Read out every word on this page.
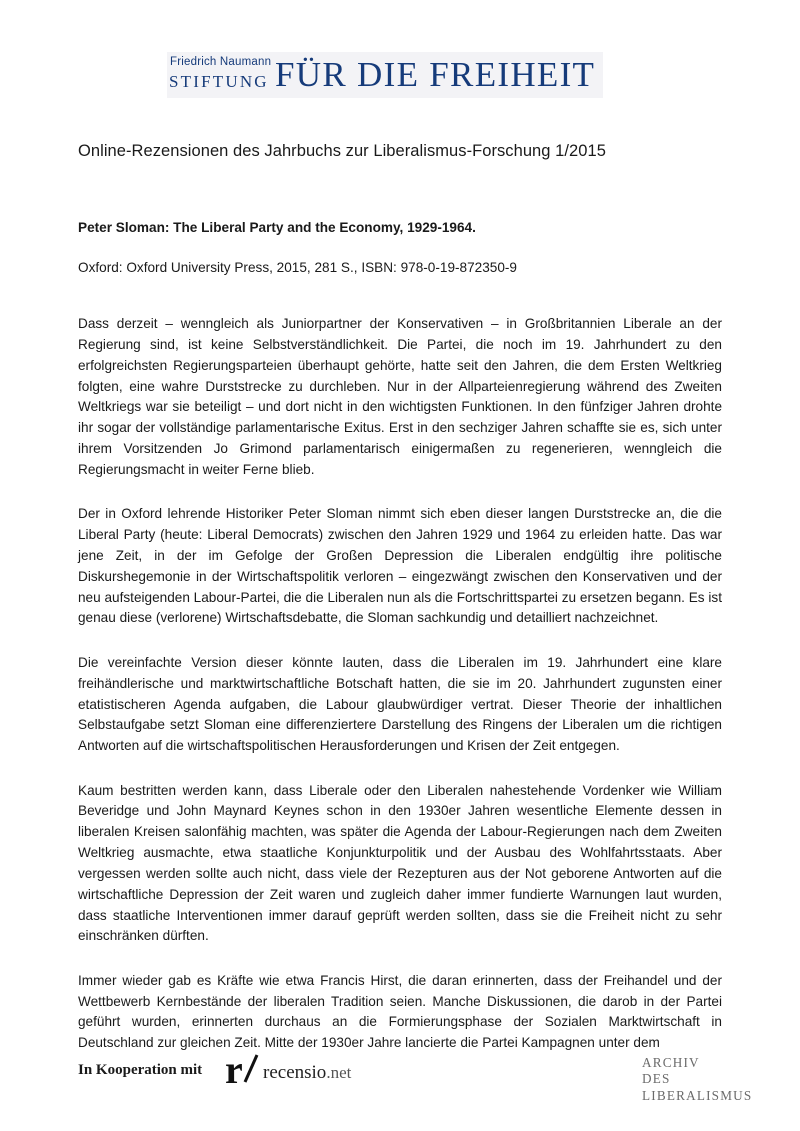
Friedrich Naumann
STIFTUNG FÜR DIE FREIHEIT
Online-Rezensionen des Jahrbuchs zur Liberalismus-Forschung 1/2015
Peter Sloman: The Liberal Party and the Economy, 1929-1964.
Oxford: Oxford University Press, 2015, 281 S., ISBN: 978-0-19-872350-9

Dass derzeit – wenngleich als Juniorpartner der Konservativen – in Großbritannien Liberale an der Regierung sind, ist keine Selbstverständlichkeit. Die Partei, die noch im 19. Jahrhundert zu den erfolgreichsten Regierungsparteien überhaupt gehörte, hatte seit den Jahren, die dem Ersten Weltkrieg folgten, eine wahre Durststrecke zu durchleben. Nur in der Allparteienregierung während des Zweiten Weltkriegs war sie beteiligt – und dort nicht in den wichtigsten Funktionen. In den fünfziger Jahren drohte ihr sogar der vollständige parlamentarische Exitus. Erst in den sechziger Jahren schaffte sie es, sich unter ihrem Vorsitzenden Jo Grimond parlamentarisch einigermaßen zu regenerieren, wenngleich die Regierungsmacht in weiter Ferne blieb.

Der in Oxford lehrende Historiker Peter Sloman nimmt sich eben dieser langen Durststrecke an, die die Liberal Party (heute: Liberal Democrats) zwischen den Jahren 1929 und 1964 zu erleiden hatte. Das war jene Zeit, in der im Gefolge der Großen Depression die Liberalen endgültig ihre politische Diskurshegemonie in der Wirtschaftspolitik verloren – eingezwängt zwischen den Konservativen und der neu aufsteigenden Labour-Partei, die die Liberalen nun als die Fortschrittspartei zu ersetzen begann. Es ist genau diese (verlorene) Wirtschaftsdebatte, die Sloman sachkundig und detailliert nachzeichnet.

Die vereinfachte Version dieser könnte lauten, dass die Liberalen im 19. Jahrhundert eine klare freihändlerische und marktwirtschaftliche Botschaft hatten, die sie im 20. Jahrhundert zugunsten einer etatistischeren Agenda aufgaben, die Labour glaubwürdiger vertrat. Dieser Theorie der inhaltlichen Selbstaufgabe setzt Sloman eine differenziertere Darstellung des Ringens der Liberalen um die richtigen Antworten auf die wirtschaftspolitischen Herausforderungen und Krisen der Zeit entgegen.

Kaum bestritten werden kann, dass Liberale oder den Liberalen nahestehende Vordenker wie William Beveridge und John Maynard Keynes schon in den 1930er Jahren wesentliche Elemente dessen in liberalen Kreisen salonfähig machten, was später die Agenda der Labour-Regierungen nach dem Zweiten Weltkrieg ausmachte, etwa staatliche Konjunkturpolitik und der Ausbau des Wohlfahrtsstaats. Aber vergessen werden sollte auch nicht, dass viele der Rezepturen aus der Not geborene Antworten auf die wirtschaftliche Depression der Zeit waren und zugleich daher immer fundierte Warnungen laut wurden, dass staatliche Interventionen immer darauf geprüft werden sollten, dass sie die Freiheit nicht zu sehr einschränken dürften.

Immer wieder gab es Kräfte wie etwa Francis Hirst, die daran erinnerten, dass der Freihandel und der Wettbewerb Kernbestände der liberalen Tradition seien. Manche Diskussionen, die darob in der Partei geführt wurden, erinnerten durchaus an die Formierungsphase der Sozialen Marktwirtschaft in Deutschland zur gleichen Zeit. Mitte der 1930er Jahre lancierte die Partei Kampagnen unter dem

In Kooperation mit r recensio.net
ARCHIV
DES
LIBERALISMUS
